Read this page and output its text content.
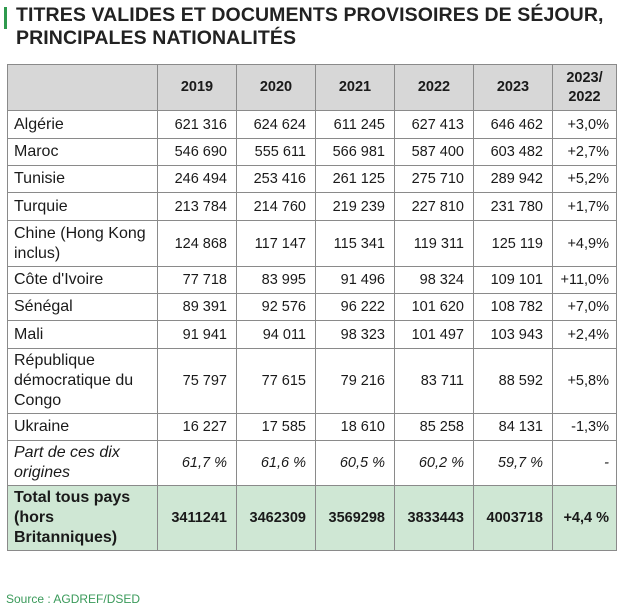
TITRES VALIDES ET DOCUMENTS PROVISOIRES DE SÉJOUR, PRINCIPALES NATIONALITÉS
	2019	2020	2021	2022	2023	2023/ 2022
Algérie	621 316	624 624	611 245	627 413	646 462	+3,0%
Maroc	546 690	555 611	566 981	587 400	603 482	+2,7%
Tunisie	246 494	253 416	261 125	275 710	289 942	+5,2%
Turquie	213 784	214 760	219 239	227 810	231 780	+1,7%
Chine (Hong Kong inclus)	124 868	117 147	115 341	119 311	125 119	+4,9%
Côte d'Ivoire	77 718	83 995	91 496	98 324	109 101	+11,0%
Sénégal	89 391	92 576	96 222	101 620	108 782	+7,0%
Mali	91 941	94 011	98 323	101 497	103 943	+2,4%
République démocratique du Congo	75 797	77 615	79 216	83 711	88 592	+5,8%
Ukraine	16 227	17 585	18 610	85 258	84 131	-1,3%
Part de ces dix origines	61,7 %	61,6 %	60,5 %	60,2 %	59,7 %	-
Total tous pays (hors Britanniques)	3411241	3462309	3569298	3833443	4003718	+4,4 %
Source : AGDREF/DSED
